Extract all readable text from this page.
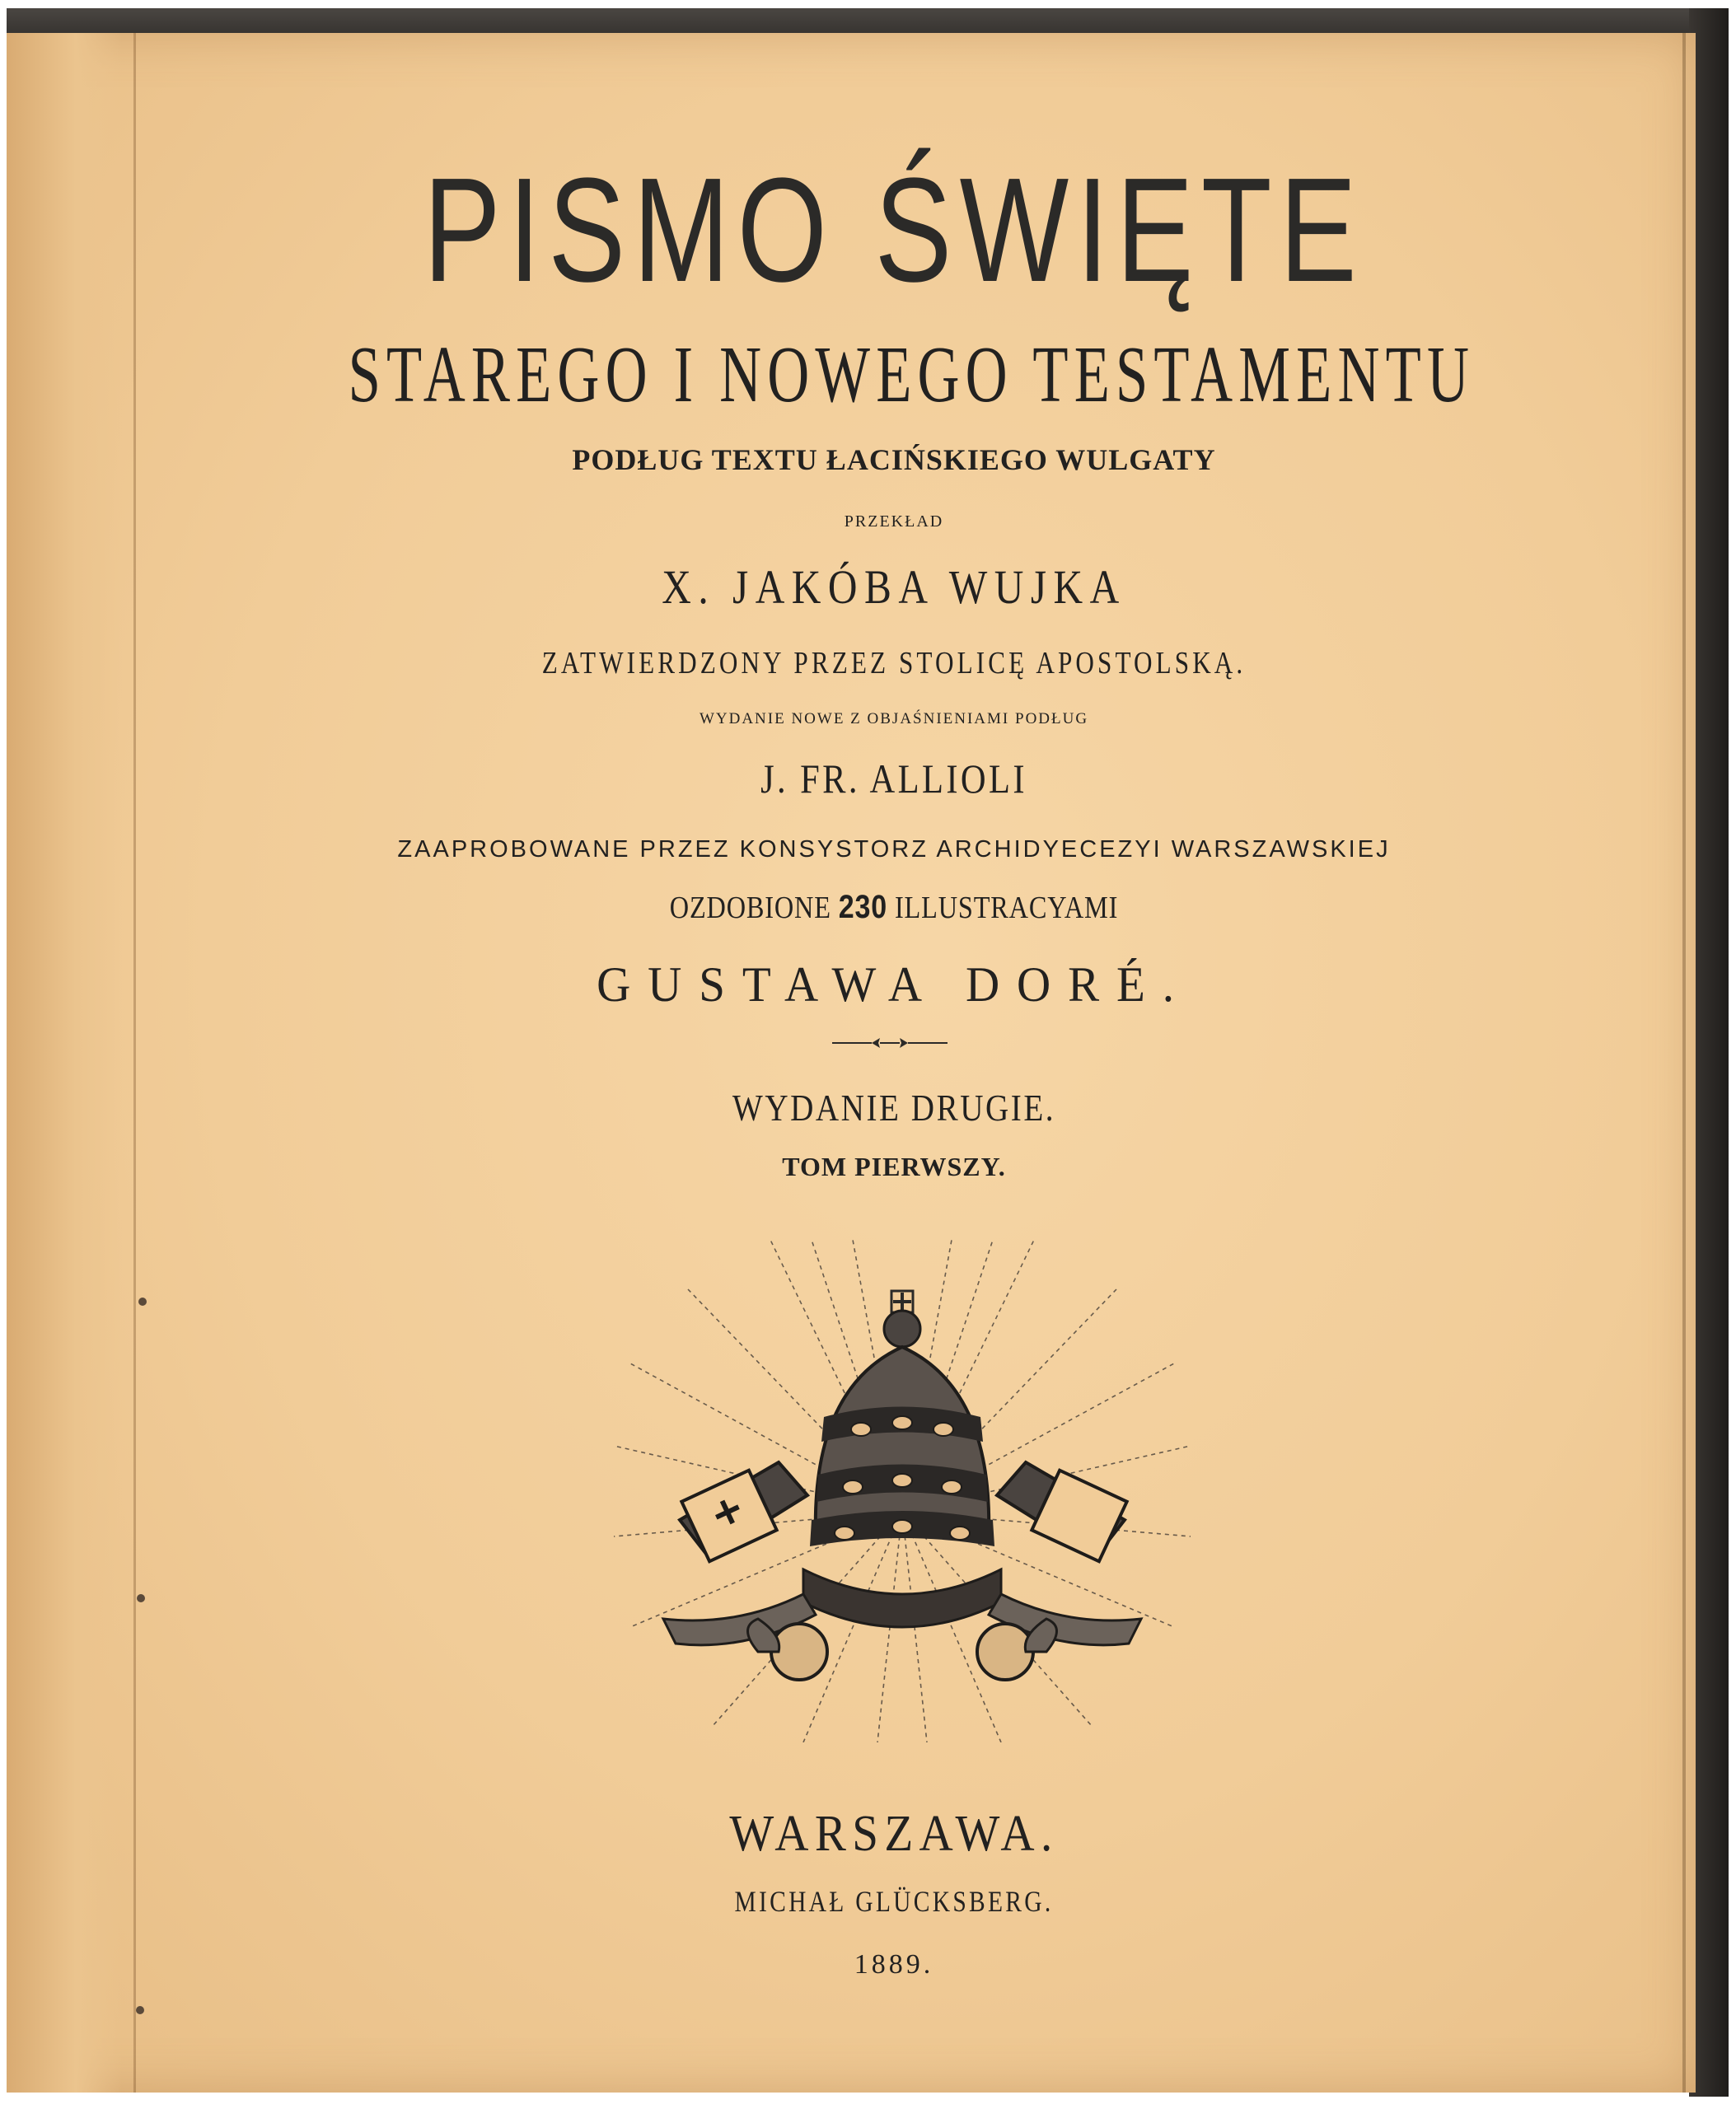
PISMO ŚWIĘTE
STAREGO I NOWEGO TESTAMENTU
PODŁUG TEXTU ŁACIŃSKIEGO WULGATY
PRZEKŁAD
X. JAKÓBA WUJKA
ZATWIERDZONY PRZEZ STOLICĘ APOSTOLSKĄ.
WYDANIE NOWE Z OBJAŚNIENIAMI PODŁUG
J. FR. ALLIOLI
ZAAPROBOWANE PRZEZ KONSYSTORZ ARCHIDYECEZYI WARSZAWSKIEJ
OZDOBIONE 230 ILLUSTRACYAMI
GUSTAWA DORÉ.
WYDANIE DRUGIE.
TOM PIERWSZY.
WARSZAWA.
MICHAŁ GLÜCKSBERG.
1889.
